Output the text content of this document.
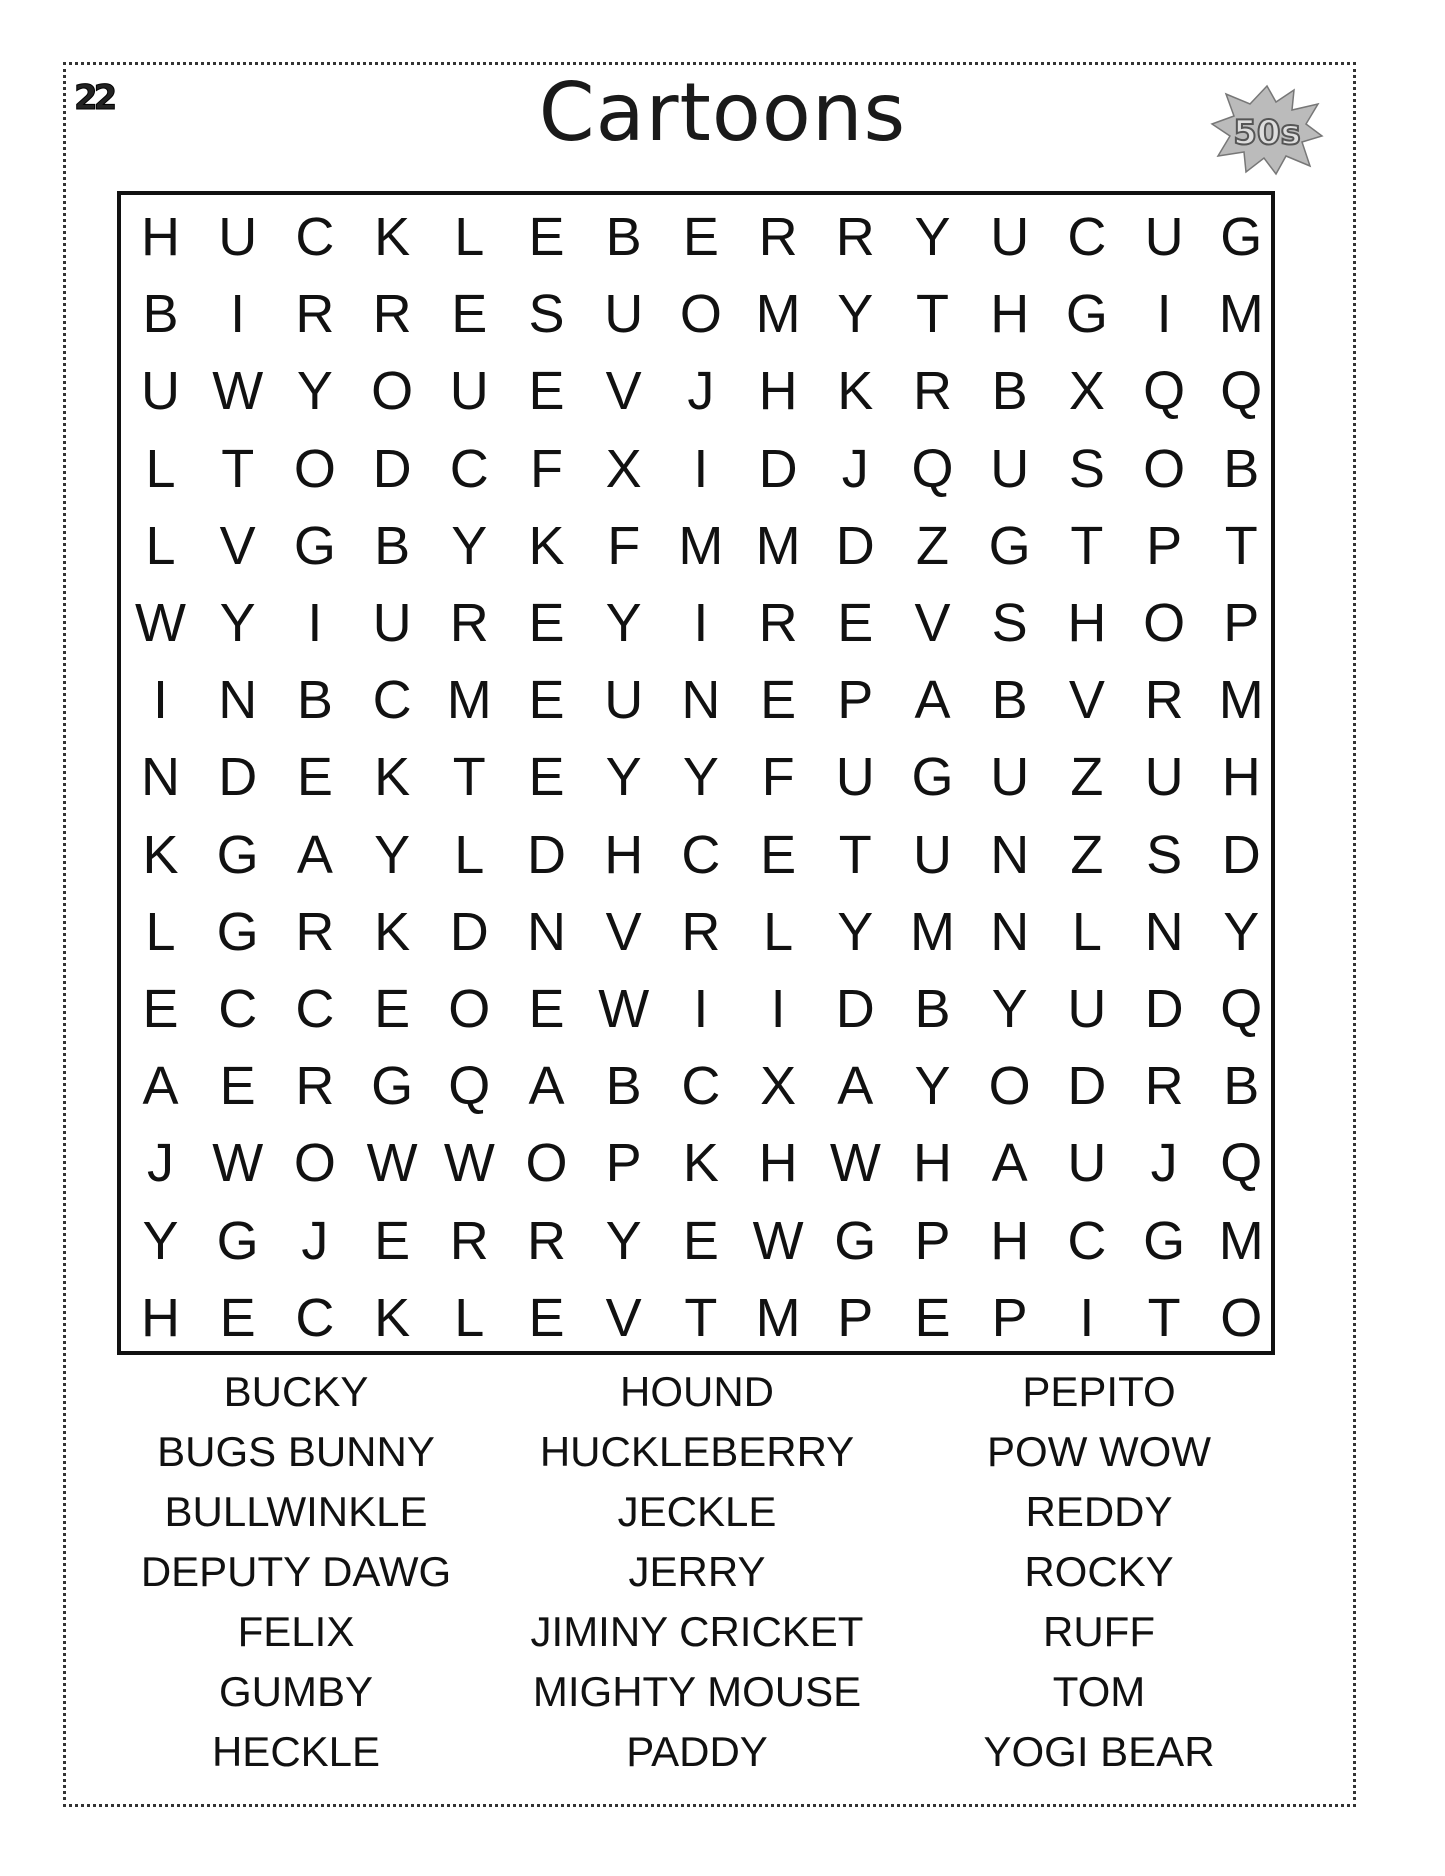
22	Cartoons	50s
H U C K L E B E R R Y U C U G
B I R R E S U O M Y T H G I M
U W Y O U E V J H K R B X Q Q
L T O D C F X I D J Q U S O B
L V G B Y K F M M D Z G T P T
W Y I U R E Y I R E V S H O P
I N B C M E U N E P A B V R M
N D E K T E Y Y F U G U Z U H
K G A Y L D H C E T U N Z S D
L G R K D N V R L Y M N L N Y
E C C E O E W I	I D B Y U D Q
A E R G Q A B C X A Y O D R B
J W O W W O P K H W H A U J Q
Y G J E R R Y E W G P H C G M
H E C K L E V T M P E P I T O
BUCKY
BUGS BUNNY
BULLWINKLE
DEPUTY DAWG
FELIX
GUMBY
HECKLE
HOUND
HUCKLEBERRY
JECKLE
JERRY
JIMINY CRICKET
MIGHTY MOUSE
PADDY
PEPITO
POW WOW
REDDY
ROCKY
RUFF
TOM
YOGI BEAR
